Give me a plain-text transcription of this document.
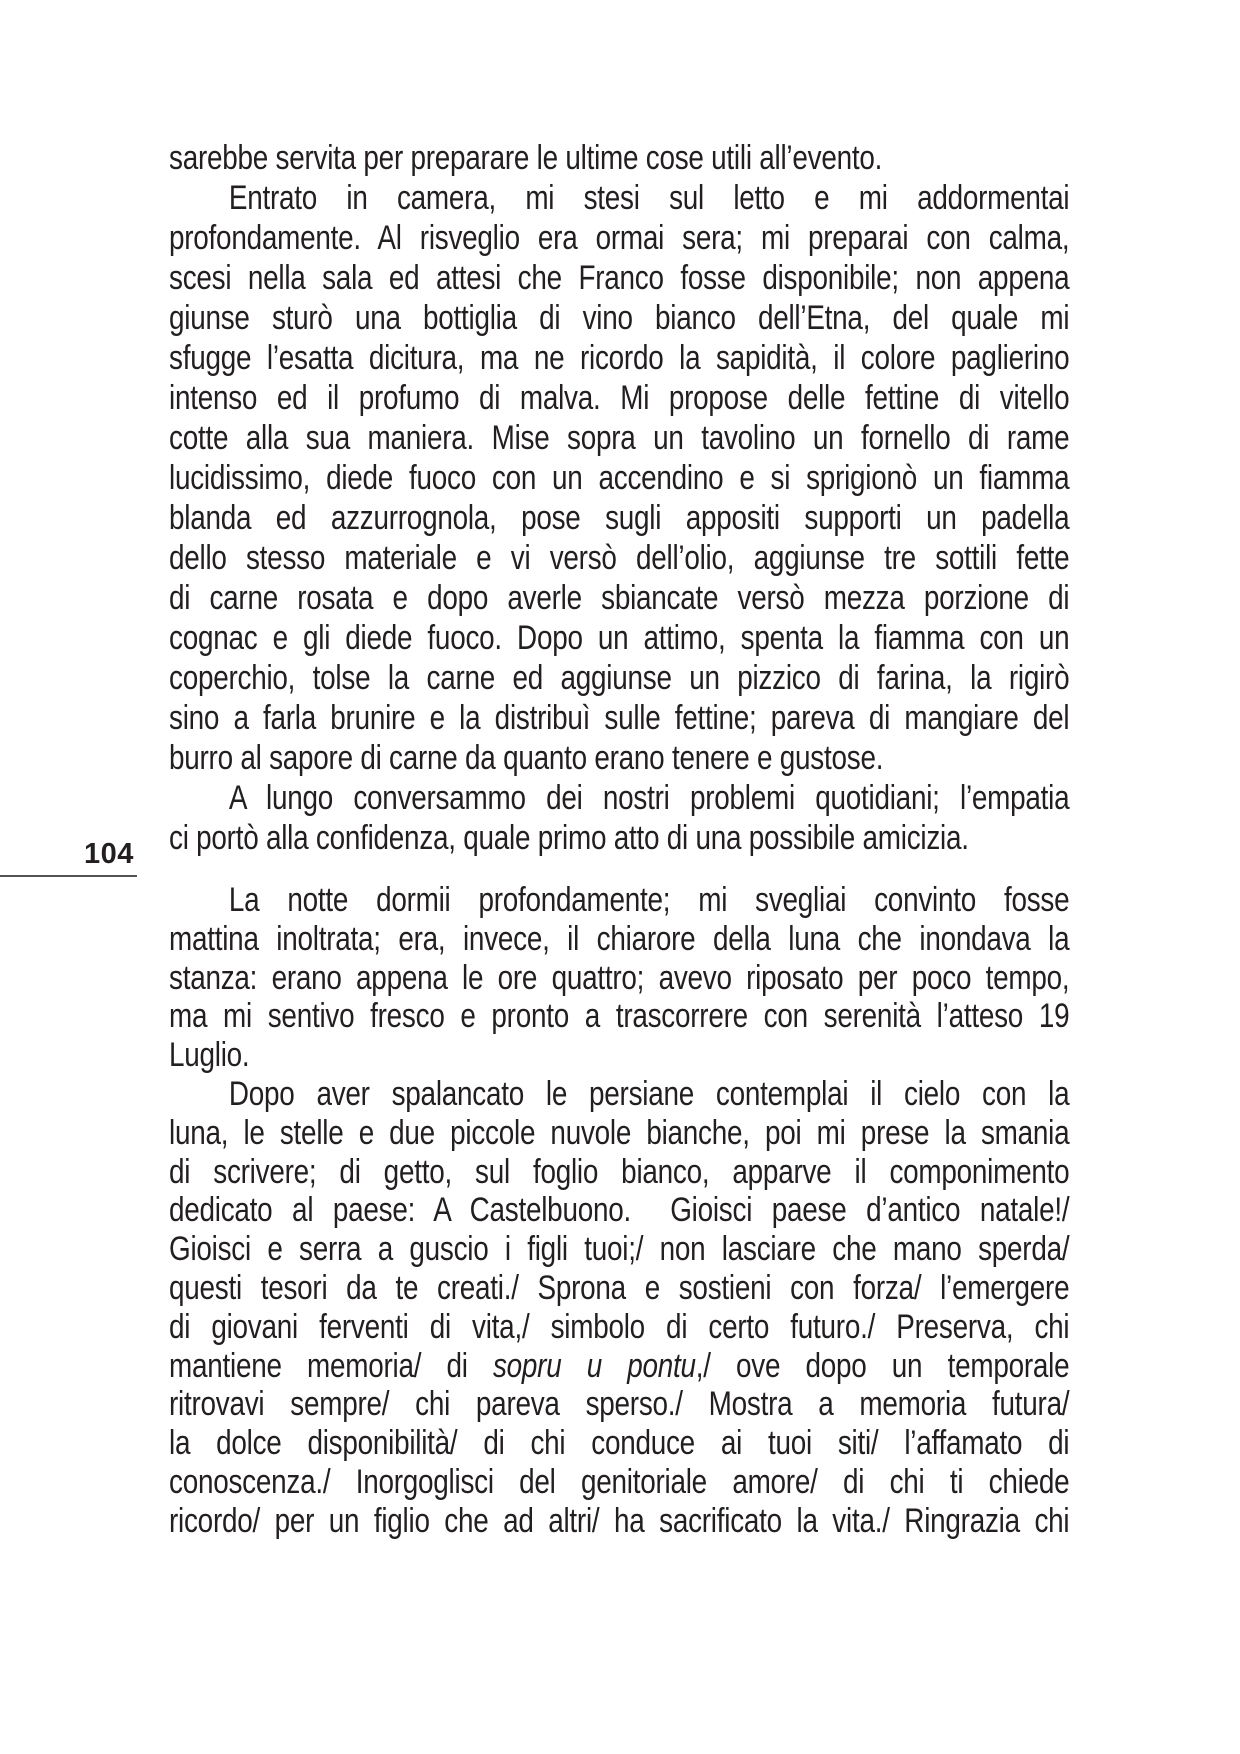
sarebbe servita per preparare le ultime cose utili all’evento.
Entrato in camera, mi stesi sul letto e mi addormentai
profondamente. Al risveglio era ormai sera; mi preparai con calma,
scesi nella sala ed attesi che Franco fosse disponibile; non appena
giunse sturò una bottiglia di vino bianco dell’Etna, del quale mi
sfugge l’esatta dicitura, ma ne ricordo la sapidità, il colore paglierino
intenso ed il profumo di malva. Mi propose delle fettine di vitello
cotte alla sua maniera. Mise sopra un tavolino un fornello di rame
lucidissimo, diede fuoco con un accendino e si sprigionò un fiamma
blanda ed azzurrognola, pose sugli appositi supporti un padella
dello stesso materiale e vi versò dell’olio, aggiunse tre sottili fette
di carne rosata e dopo averle sbiancate versò mezza porzione di
cognac e gli diede fuoco. Dopo un attimo, spenta la fiamma con un
coperchio, tolse la carne ed aggiunse un pizzico di farina, la rigirò
sino a farla brunire e la distribuì sulle fettine; pareva di mangiare del
burro al sapore di carne da quanto erano tenere e gustose.
A lungo conversammo dei nostri problemi quotidiani; l’empatia
ci portò alla confidenza, quale primo atto di una possibile amicizia.
104
La notte dormii profondamente; mi svegliai convinto fosse
mattina inoltrata; era, invece, il chiarore della luna che inondava la
stanza: erano appena le ore quattro; avevo riposato per poco tempo,
ma mi sentivo fresco e pronto a trascorrere con serenità l’atteso 19
Luglio.
Dopo aver spalancato le persiane contemplai il cielo con la
luna, le stelle e due piccole nuvole bianche, poi mi prese la smania
di scrivere; di getto, sul foglio bianco, apparve il componimento
dedicato al paese: A Castelbuono.  Gioisci paese d’antico natale!/
Gioisci e serra a guscio i figli tuoi;/ non lasciare che mano sperda/
questi tesori da te creati./ Sprona e sostieni con forza/ l’emergere
di giovani ferventi di vita,/ simbolo di certo futuro./ Preserva, chi
mantiene memoria/ di sopru u pontu,/ ove dopo un temporale
ritrovavi sempre/ chi pareva sperso./ Mostra a memoria futura/
la dolce disponibilità/ di chi conduce ai tuoi siti/ l’affamato di
conoscenza./ Inorgoglisci del genitoriale amore/ di chi ti chiede
ricordo/ per un figlio che ad altri/ ha sacrificato la vita./ Ringrazia chi
